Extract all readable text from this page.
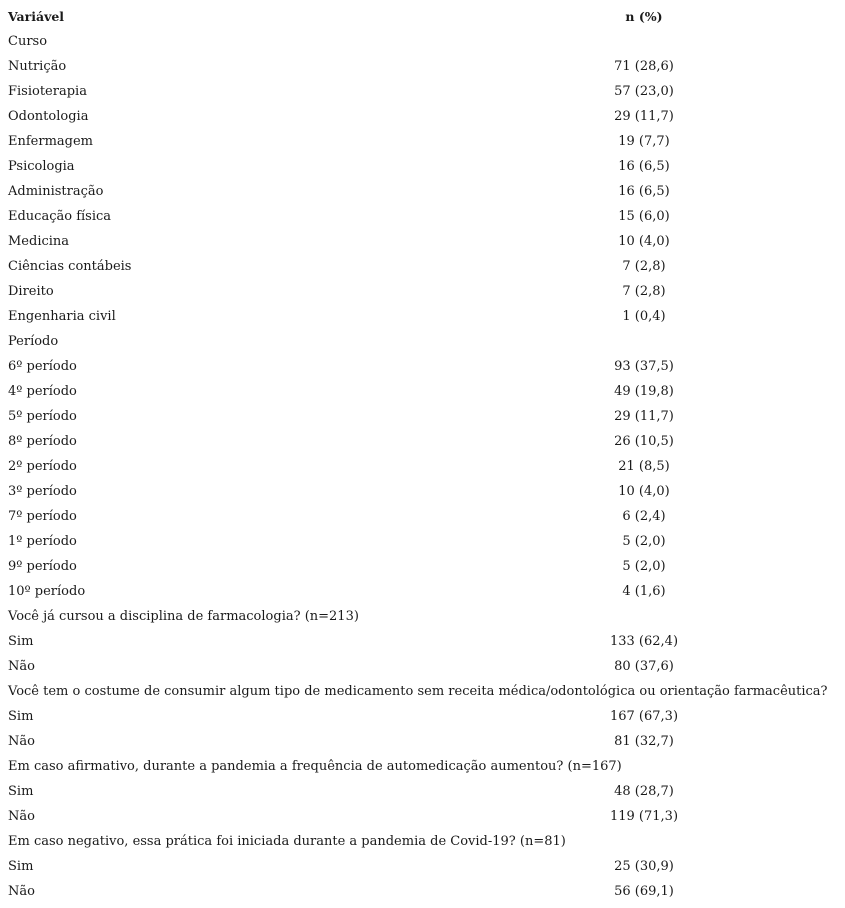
Variável	n (%)
Curso
Nutrição	71 (28,6)
Fisioterapia	57 (23,0)
Odontologia	29 (11,7)
Enfermagem	19 (7,7)
Psicologia	16 (6,5)
Administração	16 (6,5)
Educação física	15 (6,0)
Medicina	10 (4,0)
Ciências contábeis	7 (2,8)
Direito	7 (2,8)
Engenharia civil	1 (0,4)
Período
6º período	93 (37,5)
4º período	49 (19,8)
5º período	29 (11,7)
8º período	26 (10,5)
2º período	21 (8,5)
3º período	10 (4,0)
7º período	6 (2,4)
1º período	5 (2,0)
9º período	5 (2,0)
10º período	4 (1,6)
Você já cursou a disciplina de farmacologia? (n=213)
Sim	133 (62,4)
Não	80 (37,6)
Você tem o costume de consumir algum tipo de medicamento sem receita médica/odontológica ou orientação farmacêutica?
Sim	167 (67,3)
Não	81 (32,7)
Em caso afirmativo, durante a pandemia a frequência de automedicação aumentou? (n=167)
Sim	48 (28,7)
Não	119 (71,3)
Em caso negativo, essa prática foi iniciada durante a pandemia de Covid-19? (n=81)
Sim	25 (30,9)
Não	56 (69,1)
